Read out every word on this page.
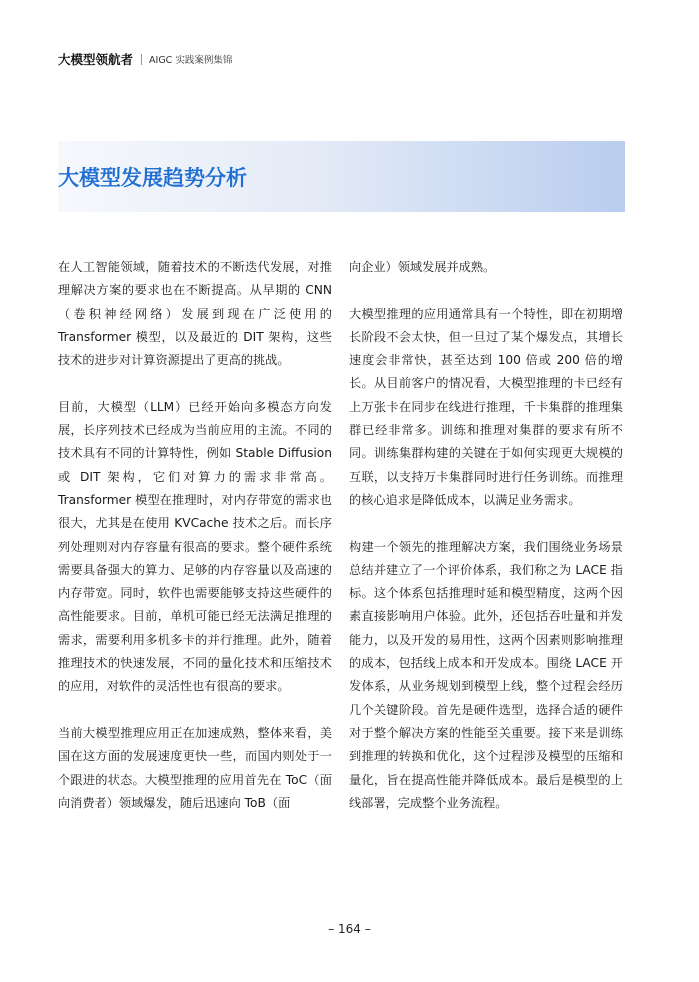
大模型领航者 AIGC 实践案例集锦
大模型发展趋势分析

在人工智能领域，随着技术的不断迭代发展，对推理解决方案的要求也在不断提高。从早期的 CNN（卷积神经网络）发展到现在广泛使用的 Transformer 模型，以及最近的 DIT 架构，这些技术的进步对计算资源提出了更高的挑战。

目前，大模型（LLM）已经开始向多模态方向发展，长序列技术已经成为当前应用的主流。不同的技术具有不同的计算特性，例如 Stable Diffusion 或 DIT 架构，它们对算力的需求非常高。Transformer 模型在推理时，对内存带宽的需求也很大，尤其是在使用 KVCache 技术之后。而长序列处理则对内存容量有很高的要求。整个硬件系统需要具备强大的算力、足够的内存容量以及高速的内存带宽。同时，软件也需要能够支持这些硬件的高性能要求。目前，单机可能已经无法满足推理的需求，需要利用多机多卡的并行推理。此外，随着推理技术的快速发展，不同的量化技术和压缩技术的应用，对软件的灵活性也有很高的要求。

当前大模型推理应用正在加速成熟，整体来看，美国在这方面的发展速度更快一些，而国内则处于一个跟进的状态。大模型推理的应用首先在 ToC（面向消费者）领域爆发，随后迅速向 ToB（面

向企业）领域发展并成熟。

大模型推理的应用通常具有一个特性，即在初期增长阶段不会太快，但一旦过了某个爆发点，其增长速度会非常快，甚至达到 100 倍或 200 倍的增长。从目前客户的情况看，大模型推理的卡已经有上万张卡在同步在线进行推理，千卡集群的推理集群已经非常多。训练和推理对集群的要求有所不同。训练集群构建的关键在于如何实现更大规模的互联，以支持万卡集群同时进行任务训练。而推理的核心追求是降低成本，以满足业务需求。

构建一个领先的推理解决方案，我们围绕业务场景总结并建立了一个评价体系，我们称之为 LACE 指标。这个体系包括推理时延和模型精度，这两个因素直接影响用户体验。此外，还包括吞吐量和并发能力，以及开发的易用性，这两个因素则影响推理的成本，包括线上成本和开发成本。围绕 LACE 开发体系，从业务规划到模型上线，整个过程会经历几个关键阶段。首先是硬件选型，选择合适的硬件对于整个解决方案的性能至关重要。接下来是训练到推理的转换和优化，这个过程涉及模型的压缩和量化，旨在提高性能并降低成本。最后是模型的上线部署，完成整个业务流程。

– 164 –
